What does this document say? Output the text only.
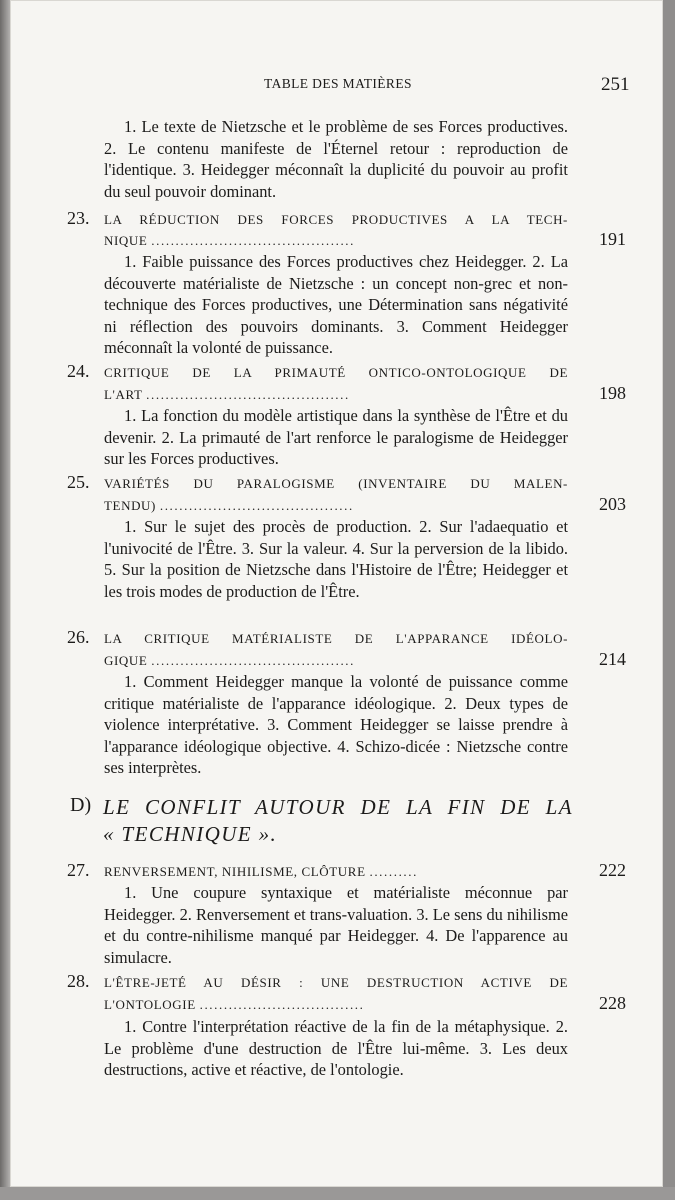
TABLE DES MATIÈRES	251

1. Le texte de Nietzsche et le problème de ses Forces productives. 2. Le contenu manifeste de l'Éternel retour : reproduction de l'identique. 3. Heidegger méconnaît la duplicité du pouvoir au profit du seul pouvoir dominant.

23. LA RÉDUCTION DES FORCES PRODUCTIVES A LA TECH-
NIQUE ..........................................	191

1. Faible puissance des Forces productives chez Heidegger. 2. La découverte matérialiste de Nietzsche : un concept non-grec et non-technique des Forces productives, une Détermination sans négativité ni réflection des pouvoirs dominants. 3. Comment Heidegger méconnaît la volonté de puissance.

24. CRITIQUE DE LA PRIMAUTÉ ONTICO-ONTOLOGIQUE DE
L'ART ..........................................	198

1. La fonction du modèle artistique dans la synthèse de l'Être et du devenir. 2. La primauté de l'art renforce le paralogisme de Heidegger sur les Forces productives.

25. VARIÉTÉS DU PARALOGISME (INVENTAIRE DU MALEN-
TENDU) ........................................	203

1. Sur le sujet des procès de production. 2. Sur l'adaequatio et l'univocité de l'Être. 3. Sur la valeur. 4. Sur la perversion de la libido. 5. Sur la position de Nietzsche dans l'Histoire de l'Être; Heidegger et les trois modes de production de l'Être.

26. LA CRITIQUE MATÉRIALISTE DE L'APPARANCE IDÉOLO-
GIQUE ..........................................	214

1. Comment Heidegger manque la volonté de puissance comme critique matérialiste de l'apparance idéologique. 2. Deux types de violence interprétative. 3. Comment Heidegger se laisse prendre à l'apparance idéologique objective. 4. Schizo-dicée : Nietzsche contre ses interprètes.

D) LE CONFLIT AUTOUR DE LA FIN DE LA
« TECHNIQUE ».
27. RENVERSEMENT, NIHILISME, CLÔTURE ..........	222

1. Une coupure syntaxique et matérialiste méconnue par Heidegger. 2. Renversement et trans-valuation. 3. Le sens du nihilisme et du contre-nihilisme manqué par Heidegger. 4. De l'apparence au simulacre.

28. L'ÊTRE-JETÉ AU DÉSIR : UNE DESTRUCTION ACTIVE DE
L'ONTOLOGIE ..................................	228

1. Contre l'interprétation réactive de la fin de la métaphysique. 2. Le problème d'une destruction de l'Être lui-même. 3. Les deux destructions, active et réactive, de l'ontologie.
